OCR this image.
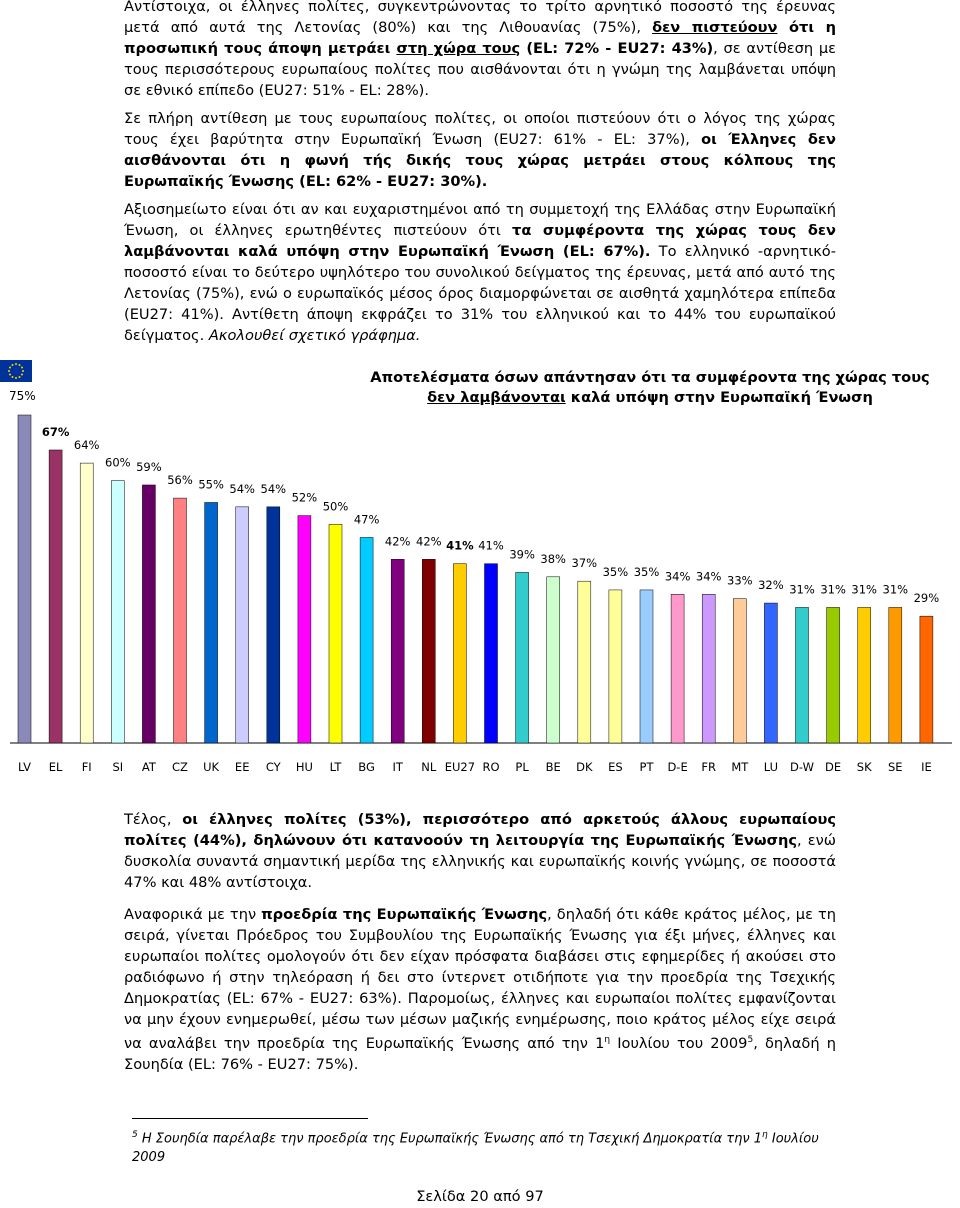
Αντίστοιχα, οι έλληνες πολίτες, συγκεντρώνοντας το τρίτο αρνητικό ποσοστό της έρευνας μετά από αυτά της Λετονίας (80%) και της Λιθουανίας (75%), δεν πιστεύουν ότι η προσωπική τους άποψη μετράει στη χώρα τους (EL: 72% - EU27: 43%), σε αντίθεση με τους περισσότερους ευρωπαίους πολίτες που αισθάνονται ότι η γνώμη της λαμβάνεται υπόψη σε εθνικό επίπεδο (EU27: 51% - EL: 28%).

Σε πλήρη αντίθεση με τους ευρωπαίους πολίτες, οι οποίοι πιστεύουν ότι ο λόγος της χώρας τους έχει βαρύτητα στην Ευρωπαϊκή Ένωση (EU27: 61% - EL: 37%), οι Έλληνες δεν αισθάνονται ότι η φωνή τής δικής τους χώρας μετράει στους κόλπους της Ευρωπαϊκής Ένωσης (EL: 62% - EU27: 30%).

Αξιοσημείωτο είναι ότι αν και ευχαριστημένοι από τη συμμετοχή της Ελλάδας στην Ευρωπαϊκή Ένωση, οι έλληνες ερωτηθέντες πιστεύουν ότι τα συμφέροντα της χώρας τους δεν λαμβάνονται καλά υπόψη στην Ευρωπαϊκή Ένωση (EL: 67%). Το ελληνικό -αρνητικό- ποσοστό είναι το δεύτερο υψηλότερο του συνολικού δείγματος της έρευνας, μετά από αυτό της Λετονίας (75%), ενώ ο ευρωπαϊκός μέσος όρος διαμορφώνεται σε αισθητά χαμηλότερα επίπεδα (EU27: 41%). Αντίθετη άποψη εκφράζει το 31% του ελληνικού και το 44% του ευρωπαϊκού δείγματος. Ακολουθεί σχετικό γράφημα.

Αποτελέσματα όσων απάντησαν ότι τα συμφέροντα της χώρας τους
δεν λαμβάνονται καλά υπόψη στην Ευρωπαϊκή Ένωση
75%
LV
67%
EL
64%
FI
60%
SI
59%
AT
56%
CZ
55%
UK
54%
EE
54%
CY
52%
HU
50%
LT
47%
BG
42%
IT
42%
NL
41%
EU27
41%
RO
39%
PL
38%
BE
37%
DK
35%
ES
35%
PT
34%
D-E
34%
FR
33%
MT
32%
LU
31%
D-W
31%
DE
31%
SK
31%
SE
29%
IE

Τέλος, οι έλληνες πολίτες (53%), περισσότερο από αρκετούς άλλους ευρωπαίους πολίτες (44%), δηλώνουν ότι κατανοούν τη λειτουργία της Ευρωπαϊκής Ένωσης, ενώ δυσκολία συναντά σημαντική μερίδα της ελληνικής και ευρωπαϊκής κοινής γνώμης, σε ποσοστά 47% και 48% αντίστοιχα.

Αναφορικά με την προεδρία της Ευρωπαϊκής Ένωσης, δηλαδή ότι κάθε κράτος μέλος, με τη σειρά, γίνεται Πρόεδρος του Συμβουλίου της Ευρωπαϊκής Ένωσης για έξι μήνες, έλληνες και ευρωπαίοι πολίτες ομολογούν ότι δεν είχαν πρόσφατα διαβάσει στις εφημερίδες ή ακούσει στο ραδιόφωνο ή στην τηλεόραση ή δει στο ίντερνετ οτιδήποτε για την προεδρία της Τσεχικής Δημοκρατίας (EL: 67% - EU27: 63%). Παρομοίως, έλληνες και ευρωπαίοι πολίτες εμφανίζονται να μην έχουν ενημερωθεί, μέσω των μέσων μαζικής ενημέρωσης, ποιο κράτος μέλος είχε σειρά να αναλάβει την προεδρία της Ευρωπαϊκής Ένωσης από την $1^\eta$ Ιουλίου του 2009$^5$, δηλαδή η Σουηδία (EL: 76% - EU27: 75%).

$^5$ Η Σουηδία παρέλαβε την προεδρία της Ευρωπαϊκής Ένωσης από τη Τσεχική Δημοκρατία την $1^\eta$ Ιουλίου 2009

Σελίδα 20 από 97
